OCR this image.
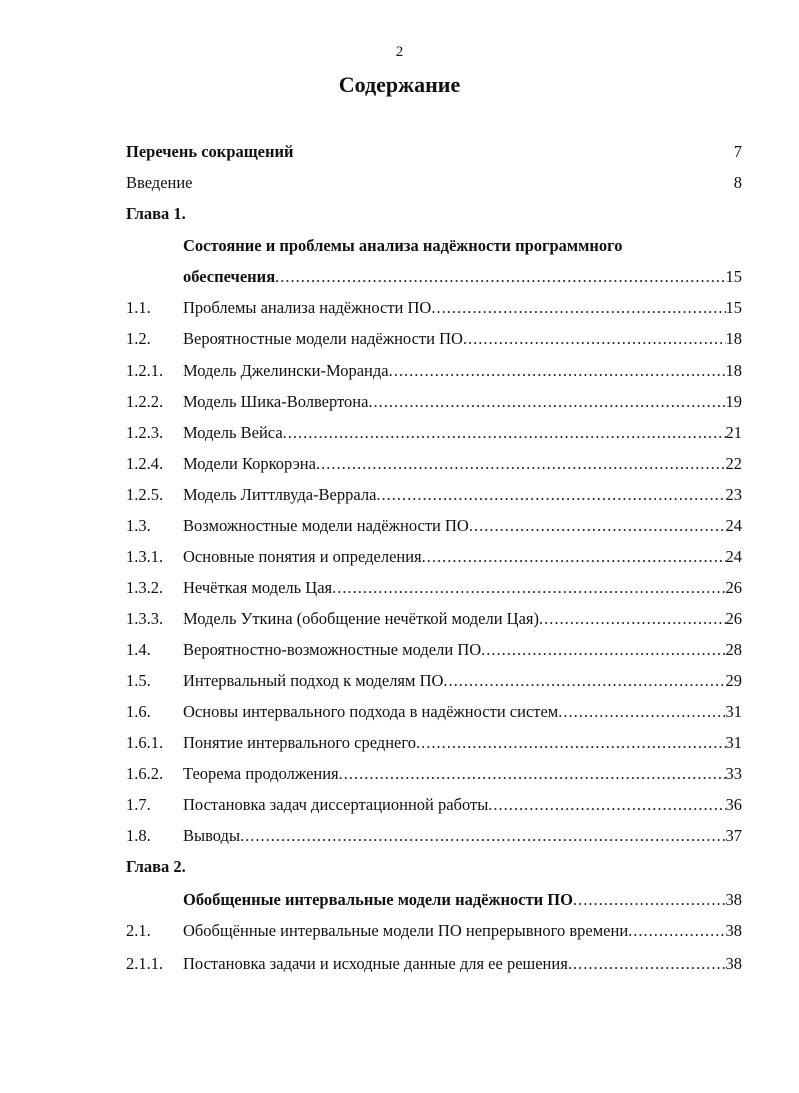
2
Содержание
Перечень сокращений	7
Введение	8
Глава 1.
Состояние и проблемы анализа надёжности программного
обеспечения .....	15
1.1. Проблемы анализа надёжности ПО .....	15
1.2. Вероятностные модели надёжности ПО .....	18
1.2.1. Модель Джелински-Моранда .....	18
1.2.2. Модель Шика-Волвертона .....	19
1.2.3. Модель Вейса .....	21
1.2.4. Модели Коркорэна .....	22
1.2.5. Модель Литтлвуда-Веррала .....	23
1.3. Возможностные модели надёжности ПО .....	24
1.3.1. Основные понятия и определения .....	24
1.3.2. Нечёткая модель Цая .....	26
1.3.3. Модель Уткина (обобщение нечёткой модели Цая) .....	26
1.4. Вероятностно-возможностные модели ПО .....	28
1.5. Интервальный подход к моделям ПО .....	29
1.6. Основы интервального подхода в надёжности систем .....	31
1.6.1. Понятие интервального среднего .....	31
1.6.2. Теорема продолжения .....	33
1.7. Постановка задач диссертационной работы .....	36
1.8. Выводы .....	37
Глава 2.
Обобщенные интервальные модели надёжности ПО .....	38
2.1. Обобщённые интервальные модели ПО непрерывного времени .....	38
2.1.1. Постановка задачи и исходные данные для ее решения .....	38
